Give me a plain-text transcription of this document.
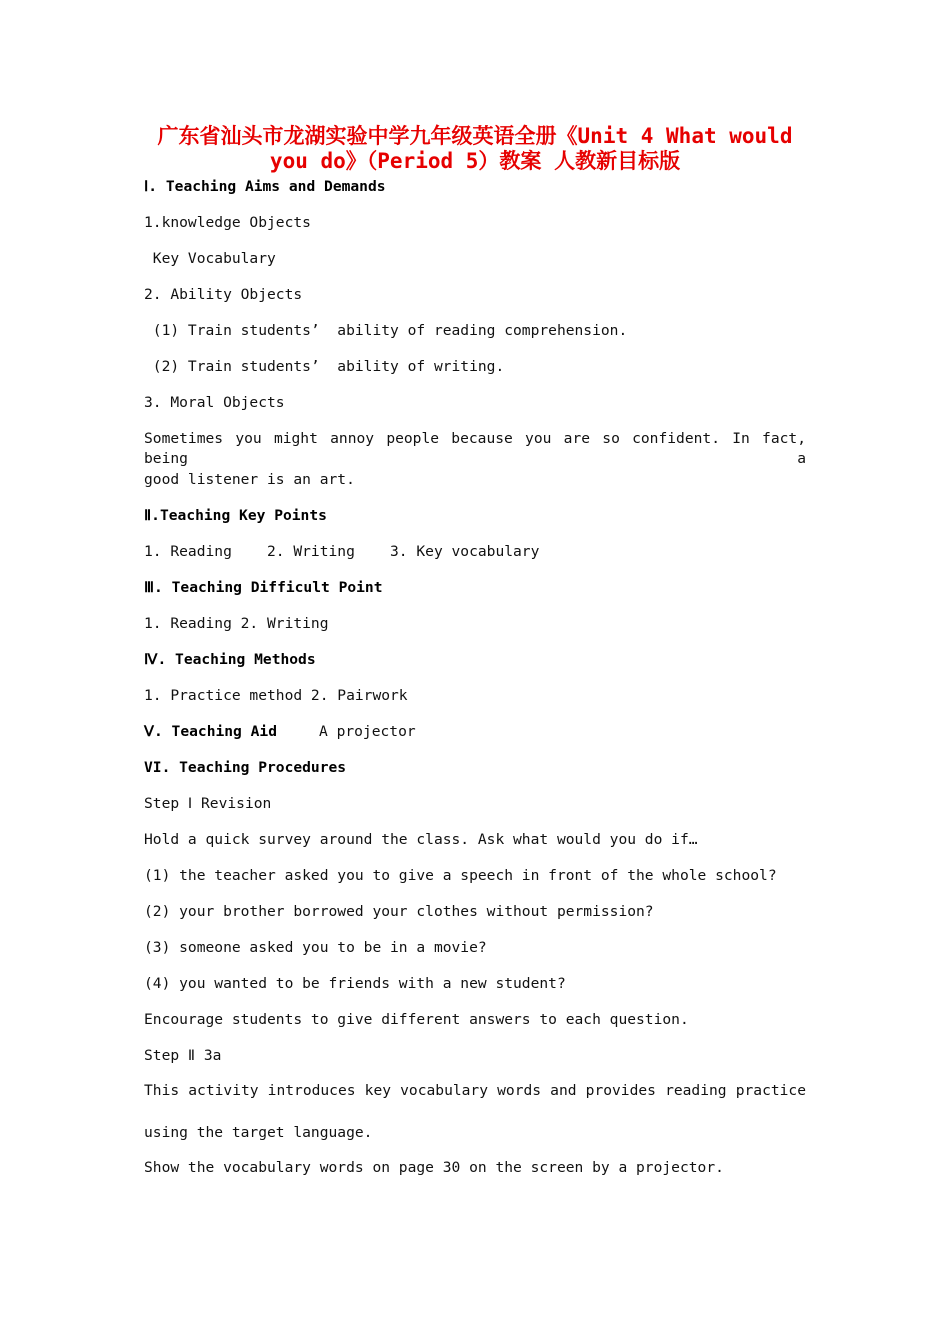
广东省汕头市龙湖实验中学九年级英语全册《Unit 4 What would
you do》（Period 5）教案 人教新目标版
Ⅰ. Teaching Aims and Demands
1.knowledge Objects
Key Vocabulary
2. Ability Objects
(1) Train students’  ability of reading comprehension.
(2) Train students’  ability of writing.
3. Moral Objects
Sometimes you might annoy people because you are so confident. In fact, being a
good listener is an art.
Ⅱ.Teaching Key Points
1. Reading    2. Writing    3. Key vocabulary
Ⅲ. Teaching Difficult Point
1. Reading 2. Writing
Ⅳ. Teaching Methods
1. Practice method 2. Pairwork
Ⅴ. Teaching Aid	A projector
VI. Teaching Procedures
Step Ⅰ Revision
Hold a quick survey around the class. Ask what would you do if…
(1) the teacher asked you to give a speech in front of the whole school?
(2) your brother borrowed your clothes without permission?
(3) someone asked you to be in a movie?
(4) you wanted to be friends with a new student?
Encourage students to give different answers to each question.
Step Ⅱ 3a
This activity introduces key vocabulary words and provides reading practice
using the target language.
Show the vocabulary words on page 30 on the screen by a projector.
